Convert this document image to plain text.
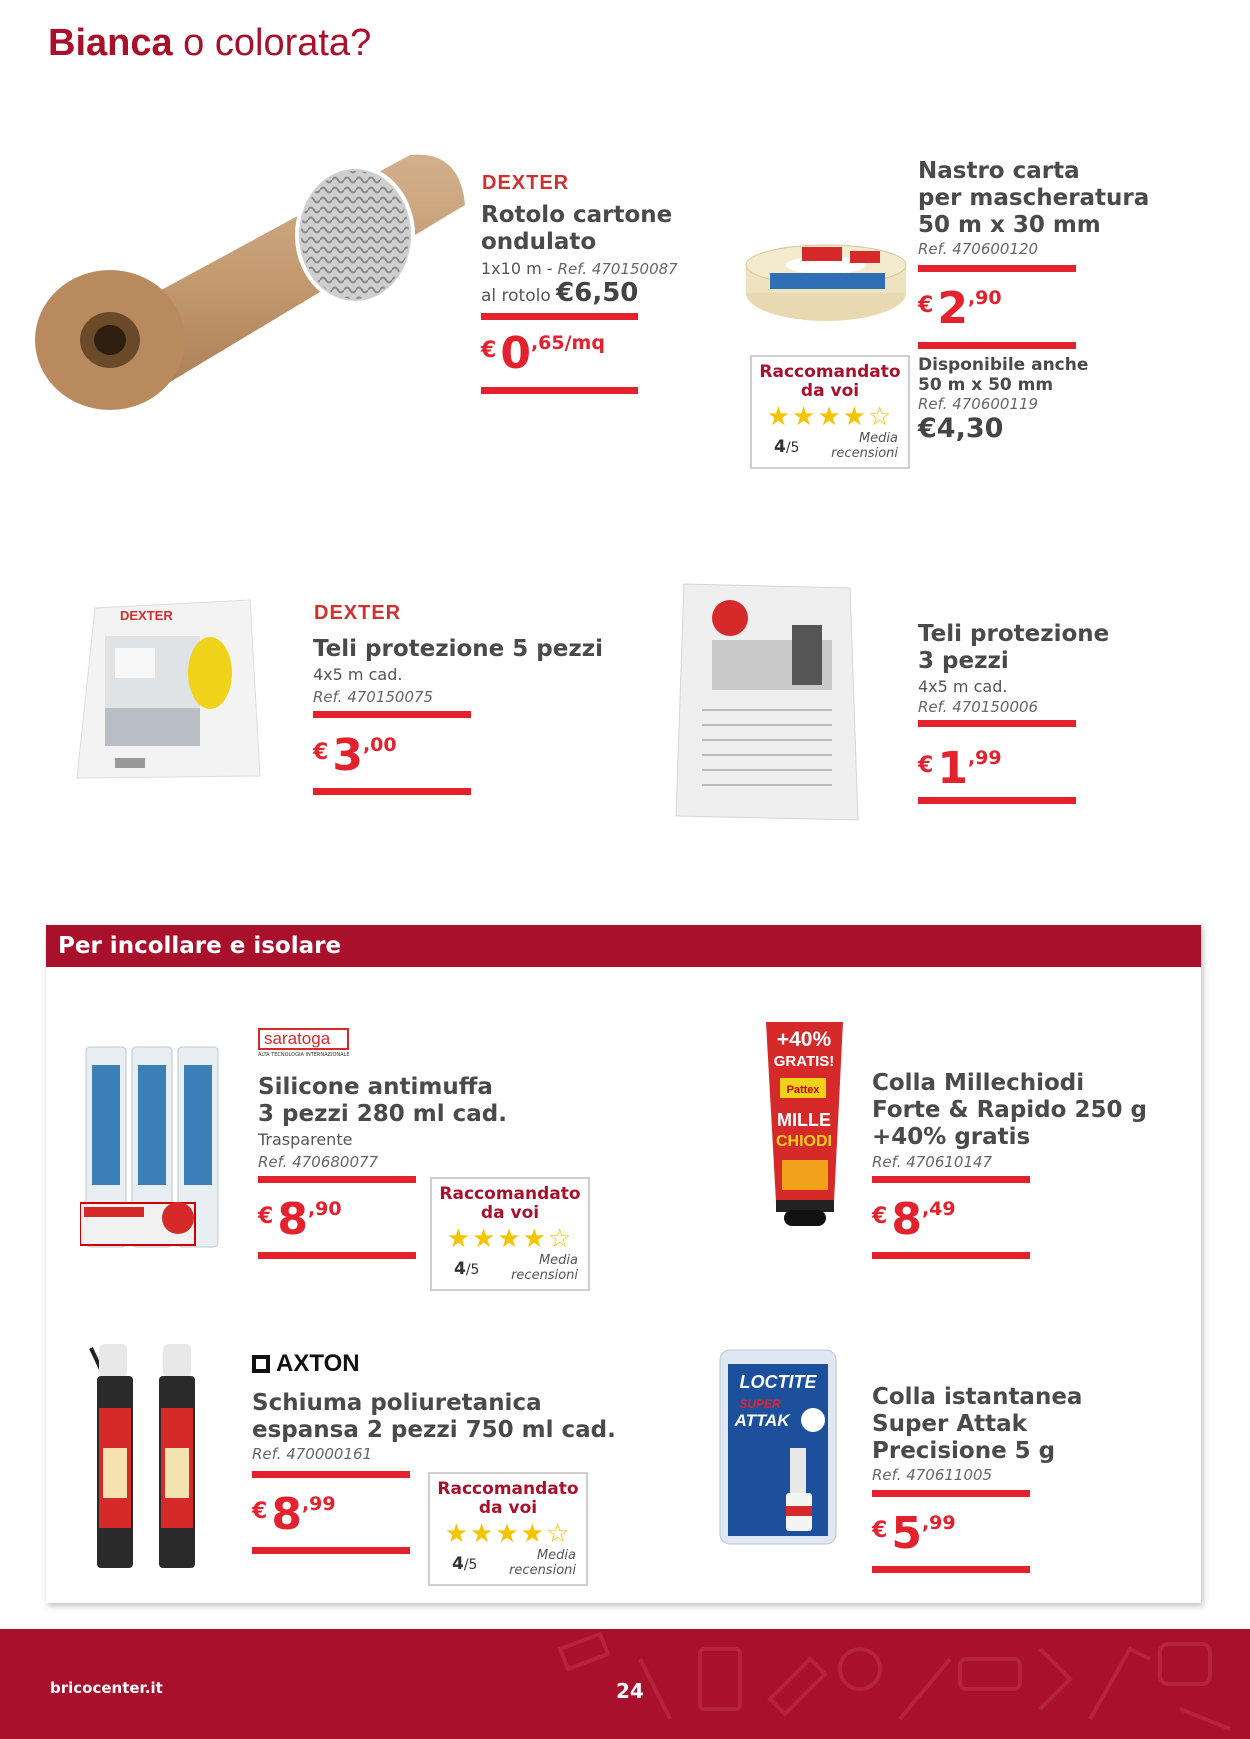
Bianca o colorata?
DEXTER
Rotolo cartone
ondulato
1x10 m - Ref. 470150087
al rotolo €6,50
€0,65/mq
Nastro carta
per mascheratura
50 m x 30 mm
Ref. 470600120
€2,90
Disponibile anche
50 m x 50 mm
Ref. 470600119
€4,30
Raccomandato
da voi
★★★★☆
4/5
Media
recensioni
DEXTER	DEXTER
Teli protezione 5 pezzi
4x5 m cad.
Ref. 470150075
€3,00
Teli protezione
3 pezzi
4x5 m cad.
Ref. 470150006
€1,99
Per incollare e isolare
saratoga
ALTA TECNOLOGIA INTERNAZIONALE
Silicone antimuffa
3 pezzi 280 ml cad.
Trasparente
Ref. 470680077
€8,90
Raccomandato
da voi
★★★★☆
4/5
Media
recensioni
+40%
GRATIS!
Pattex
MILLE
CHIODI
Colla Millechiodi
Forte & Rapido 250 g
+40% gratis
Ref. 470610147
€8,49
AXTON
Schiuma poliuretanica
espansa 2 pezzi 750 ml cad.
Ref. 470000161
€8,99
Raccomandato
da voi
★★★★☆
4/5
Media
recensioni
LOCTITE
SUPER
ATTAK
Colla istantanea
Super Attak
Precisione 5 g
Ref. 470611005
€5,99
bricocenter.it	24
